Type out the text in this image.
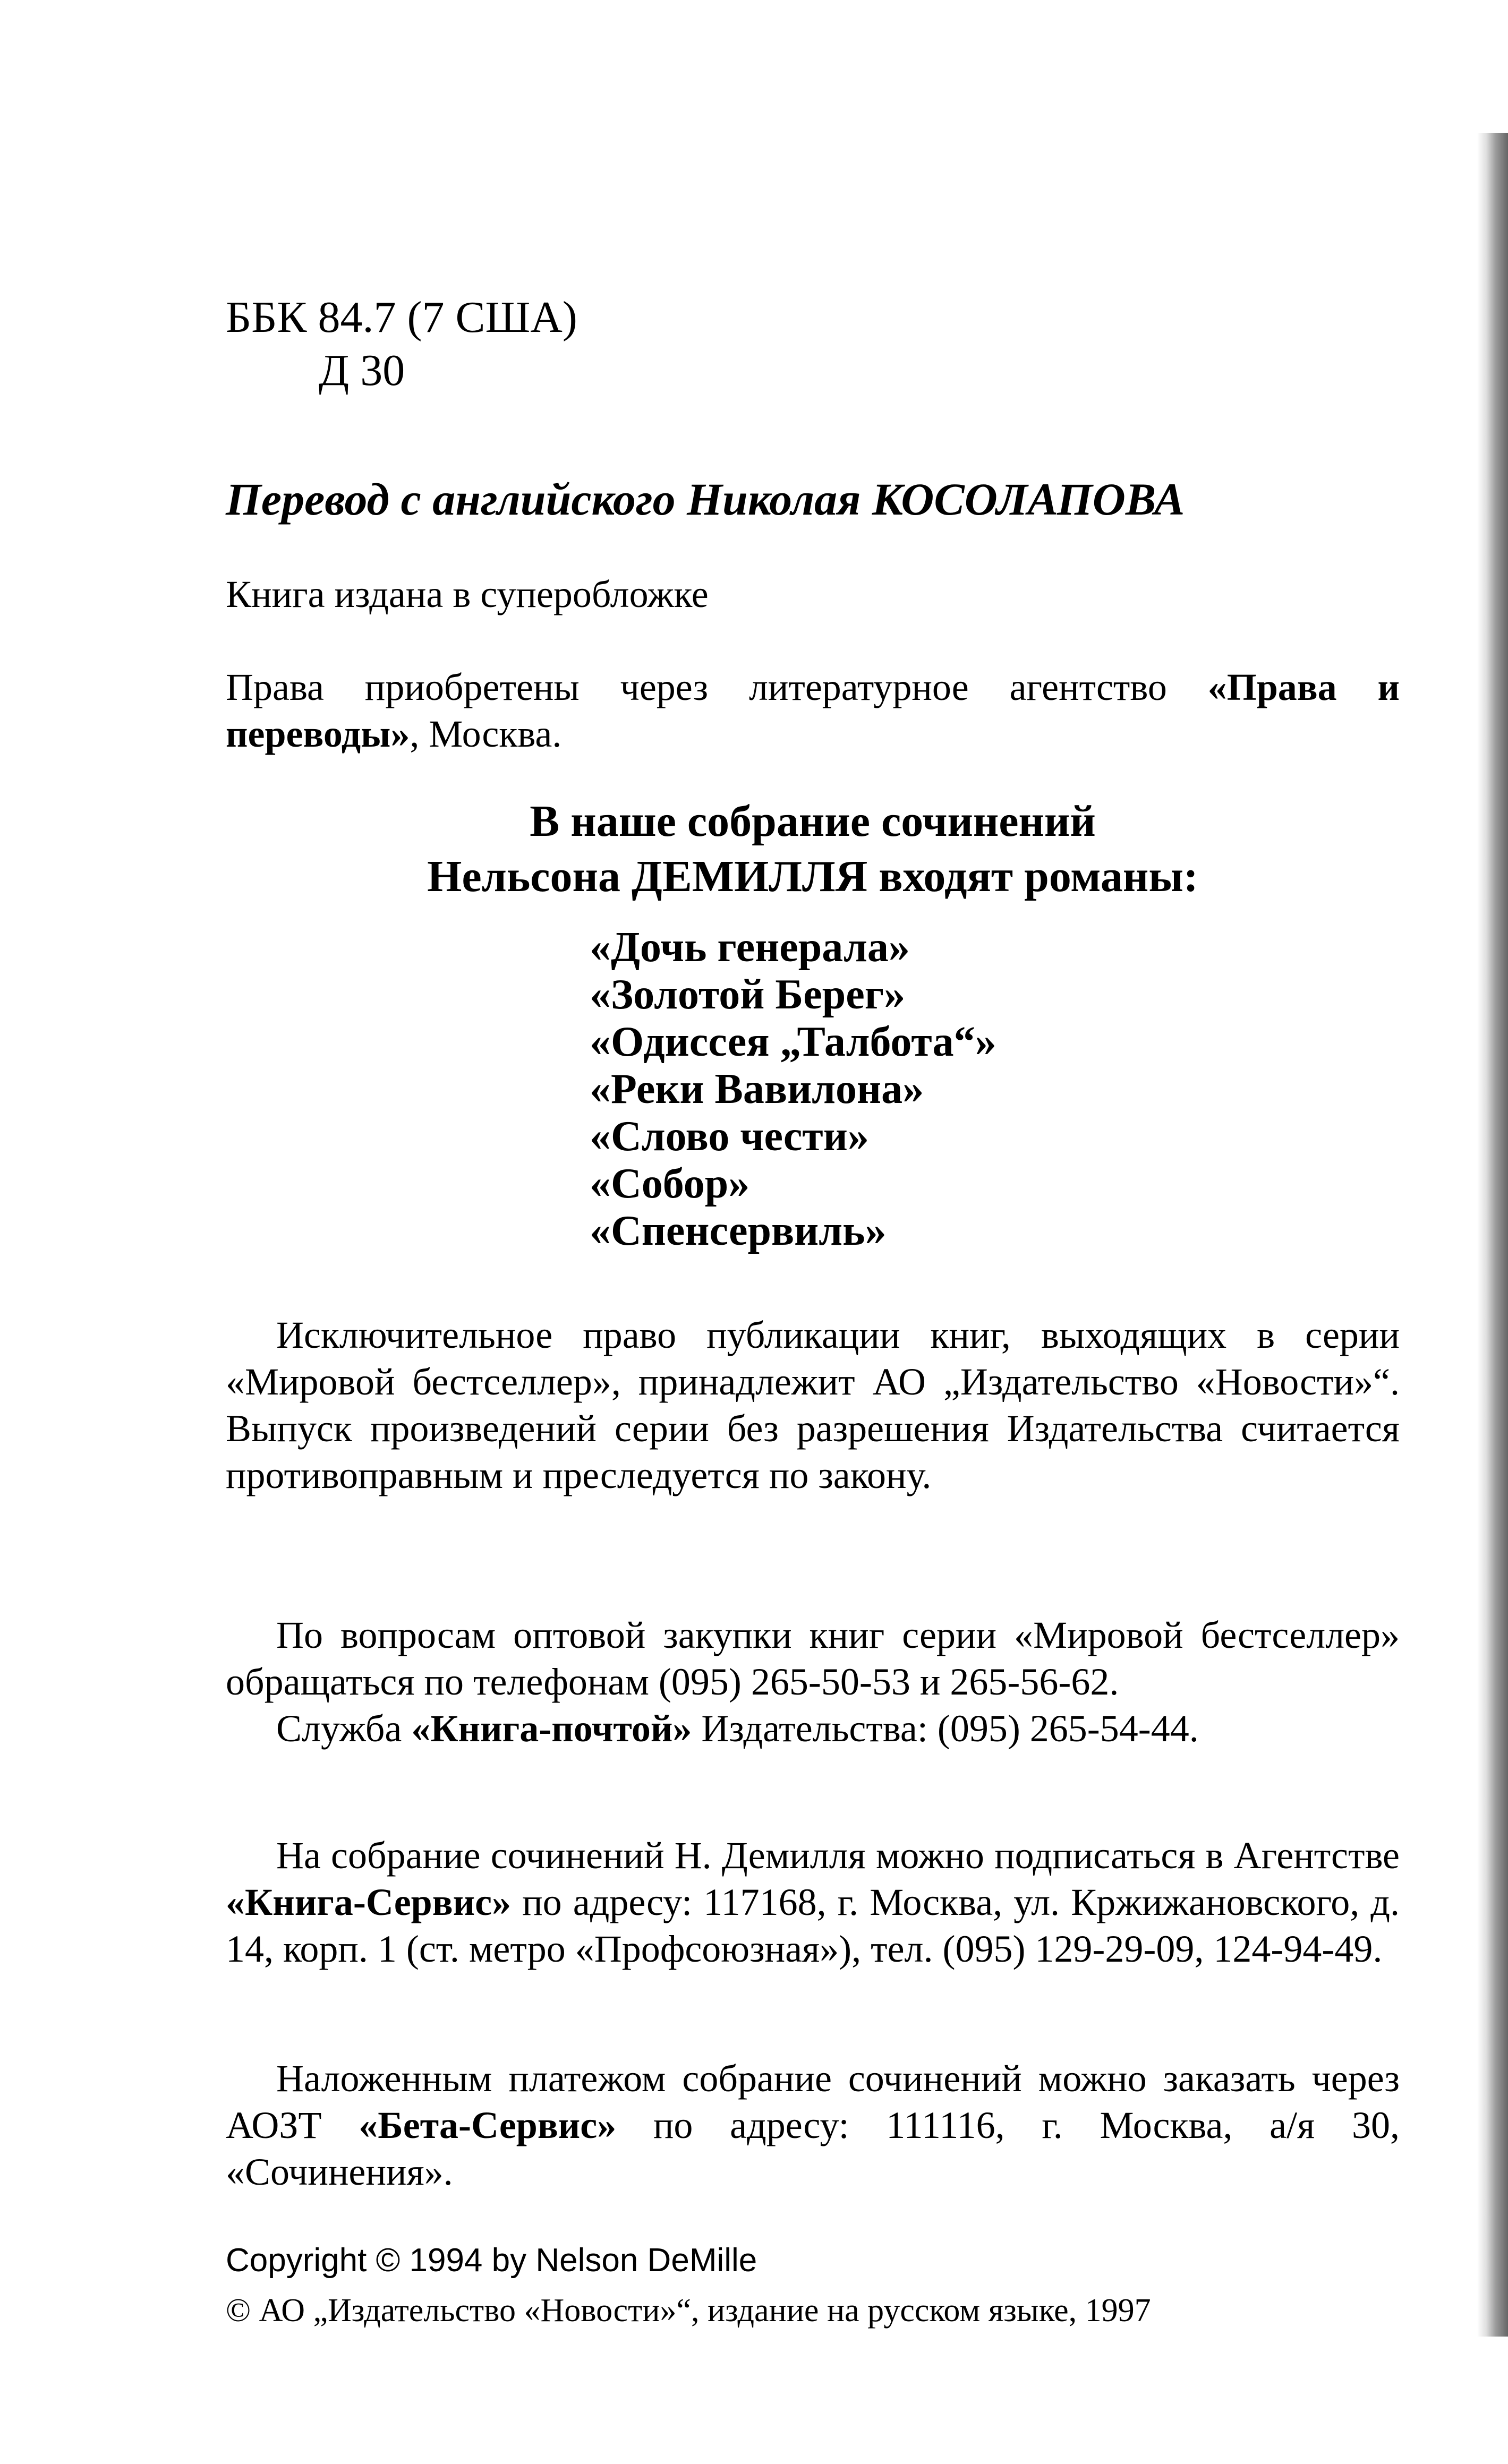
ББК 84.7 (7 США)
Д 30
Перевод с английского Николая КОСОЛАПОВА

Книга издана в суперобложке

Права приобретены через литературное агентство «Права и переводы», Москва.

В наше собрание сочинений
Нельсона ДЕМИЛЛЯ входят романы:
«Дочь генерала»
«Золотой Берег»
«Одиссея „Талбота“»
«Реки Вавилона»
«Слово чести»
«Собор»
«Спенсервиль»

Исключительное право публикации книг, выходящих в серии «Мировой бестселлер», принадлежит АО „Издательство «Новости»“. Выпуск произведений серии без разрешения Издательства считается противоправным и преследуется по закону.

По вопросам оптовой закупки книг серии «Мировой бестселлер» обращаться по телефонам (095) 265-50-53 и 265-56-62.

Служба «Книга-почтой» Издательства: (095) 265-54-44.

На собрание сочинений Н. Демилля можно подписаться в Агентстве «Книга-Сервис» по адресу: 117168, г. Москва, ул. Кржижановского, д. 14, корп. 1 (ст. метро «Профсоюзная»), тел. (095) 129-29-09, 124-94-49.

Наложенным платежом собрание сочинений можно заказать через АОЗТ «Бета-Сервис» по адресу: 111116, г. Москва, а/я 30, «Сочинения».

Copyright © 1994 by Nelson DeMille
© АО „Издательство «Новости»“, издание на русском языке, 1997
